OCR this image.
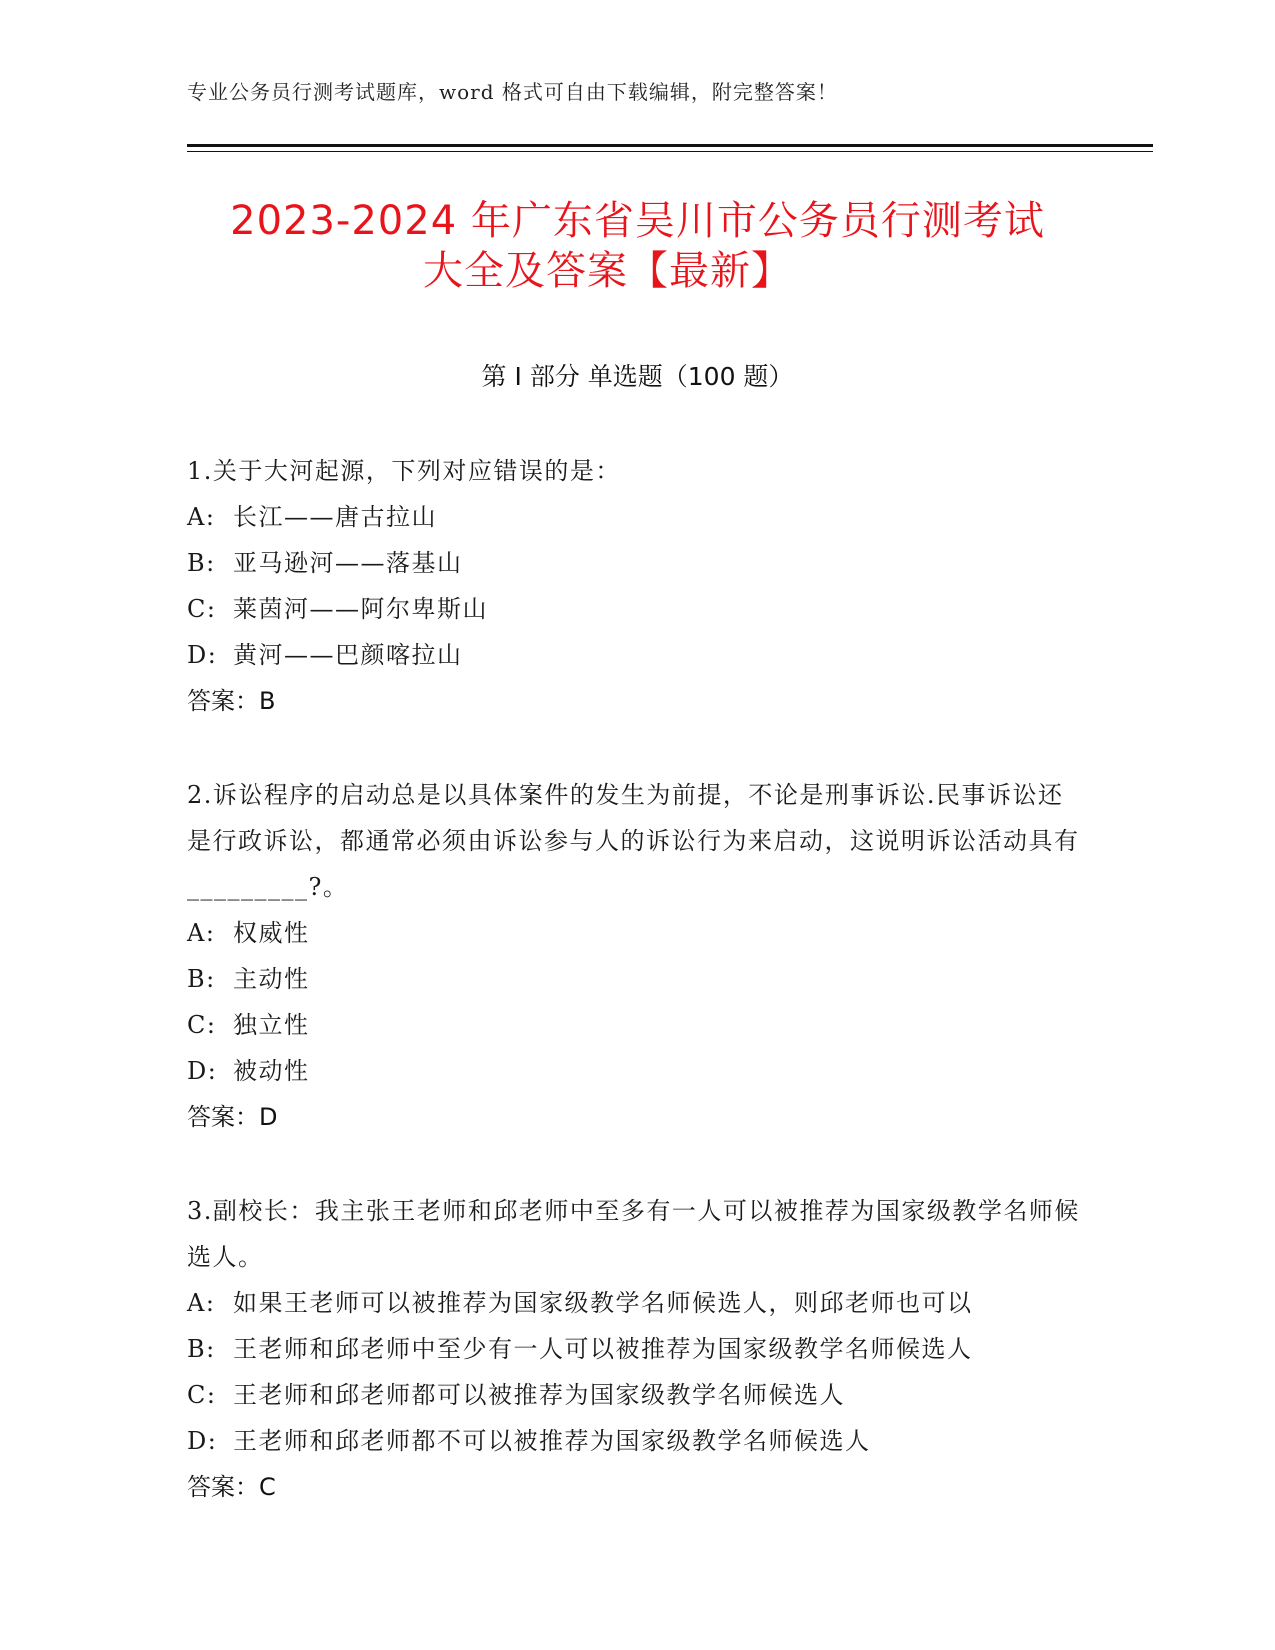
专业公务员行测考试题库，word 格式可自由下载编辑，附完整答案！
2023-2024 年广东省吴川市公务员行测考试
大全及答案【最新】
第 I 部分 单选题（100 题）
1.关于大河起源，下列对应错误的是：
A: 长江——唐古拉山
B: 亚马逊河——落基山
C: 莱茵河——阿尔卑斯山
D: 黄河——巴颜喀拉山
答案：B
2.诉讼程序的启动总是以具体案件的发生为前提，不论是刑事诉讼.民事诉讼还是行政诉讼，都通常必须由诉讼参与人的诉讼行为来启动，这说明诉讼活动具有_________?。
A: 权威性
B: 主动性
C: 独立性
D: 被动性
答案：D
3.副校长：我主张王老师和邱老师中至多有一人可以被推荐为国家级教学名师候选人。
A: 如果王老师可以被推荐为国家级教学名师候选人，则邱老师也可以
B: 王老师和邱老师中至少有一人可以被推荐为国家级教学名师候选人
C: 王老师和邱老师都可以被推荐为国家级教学名师候选人
D: 王老师和邱老师都不可以被推荐为国家级教学名师候选人
答案：C
